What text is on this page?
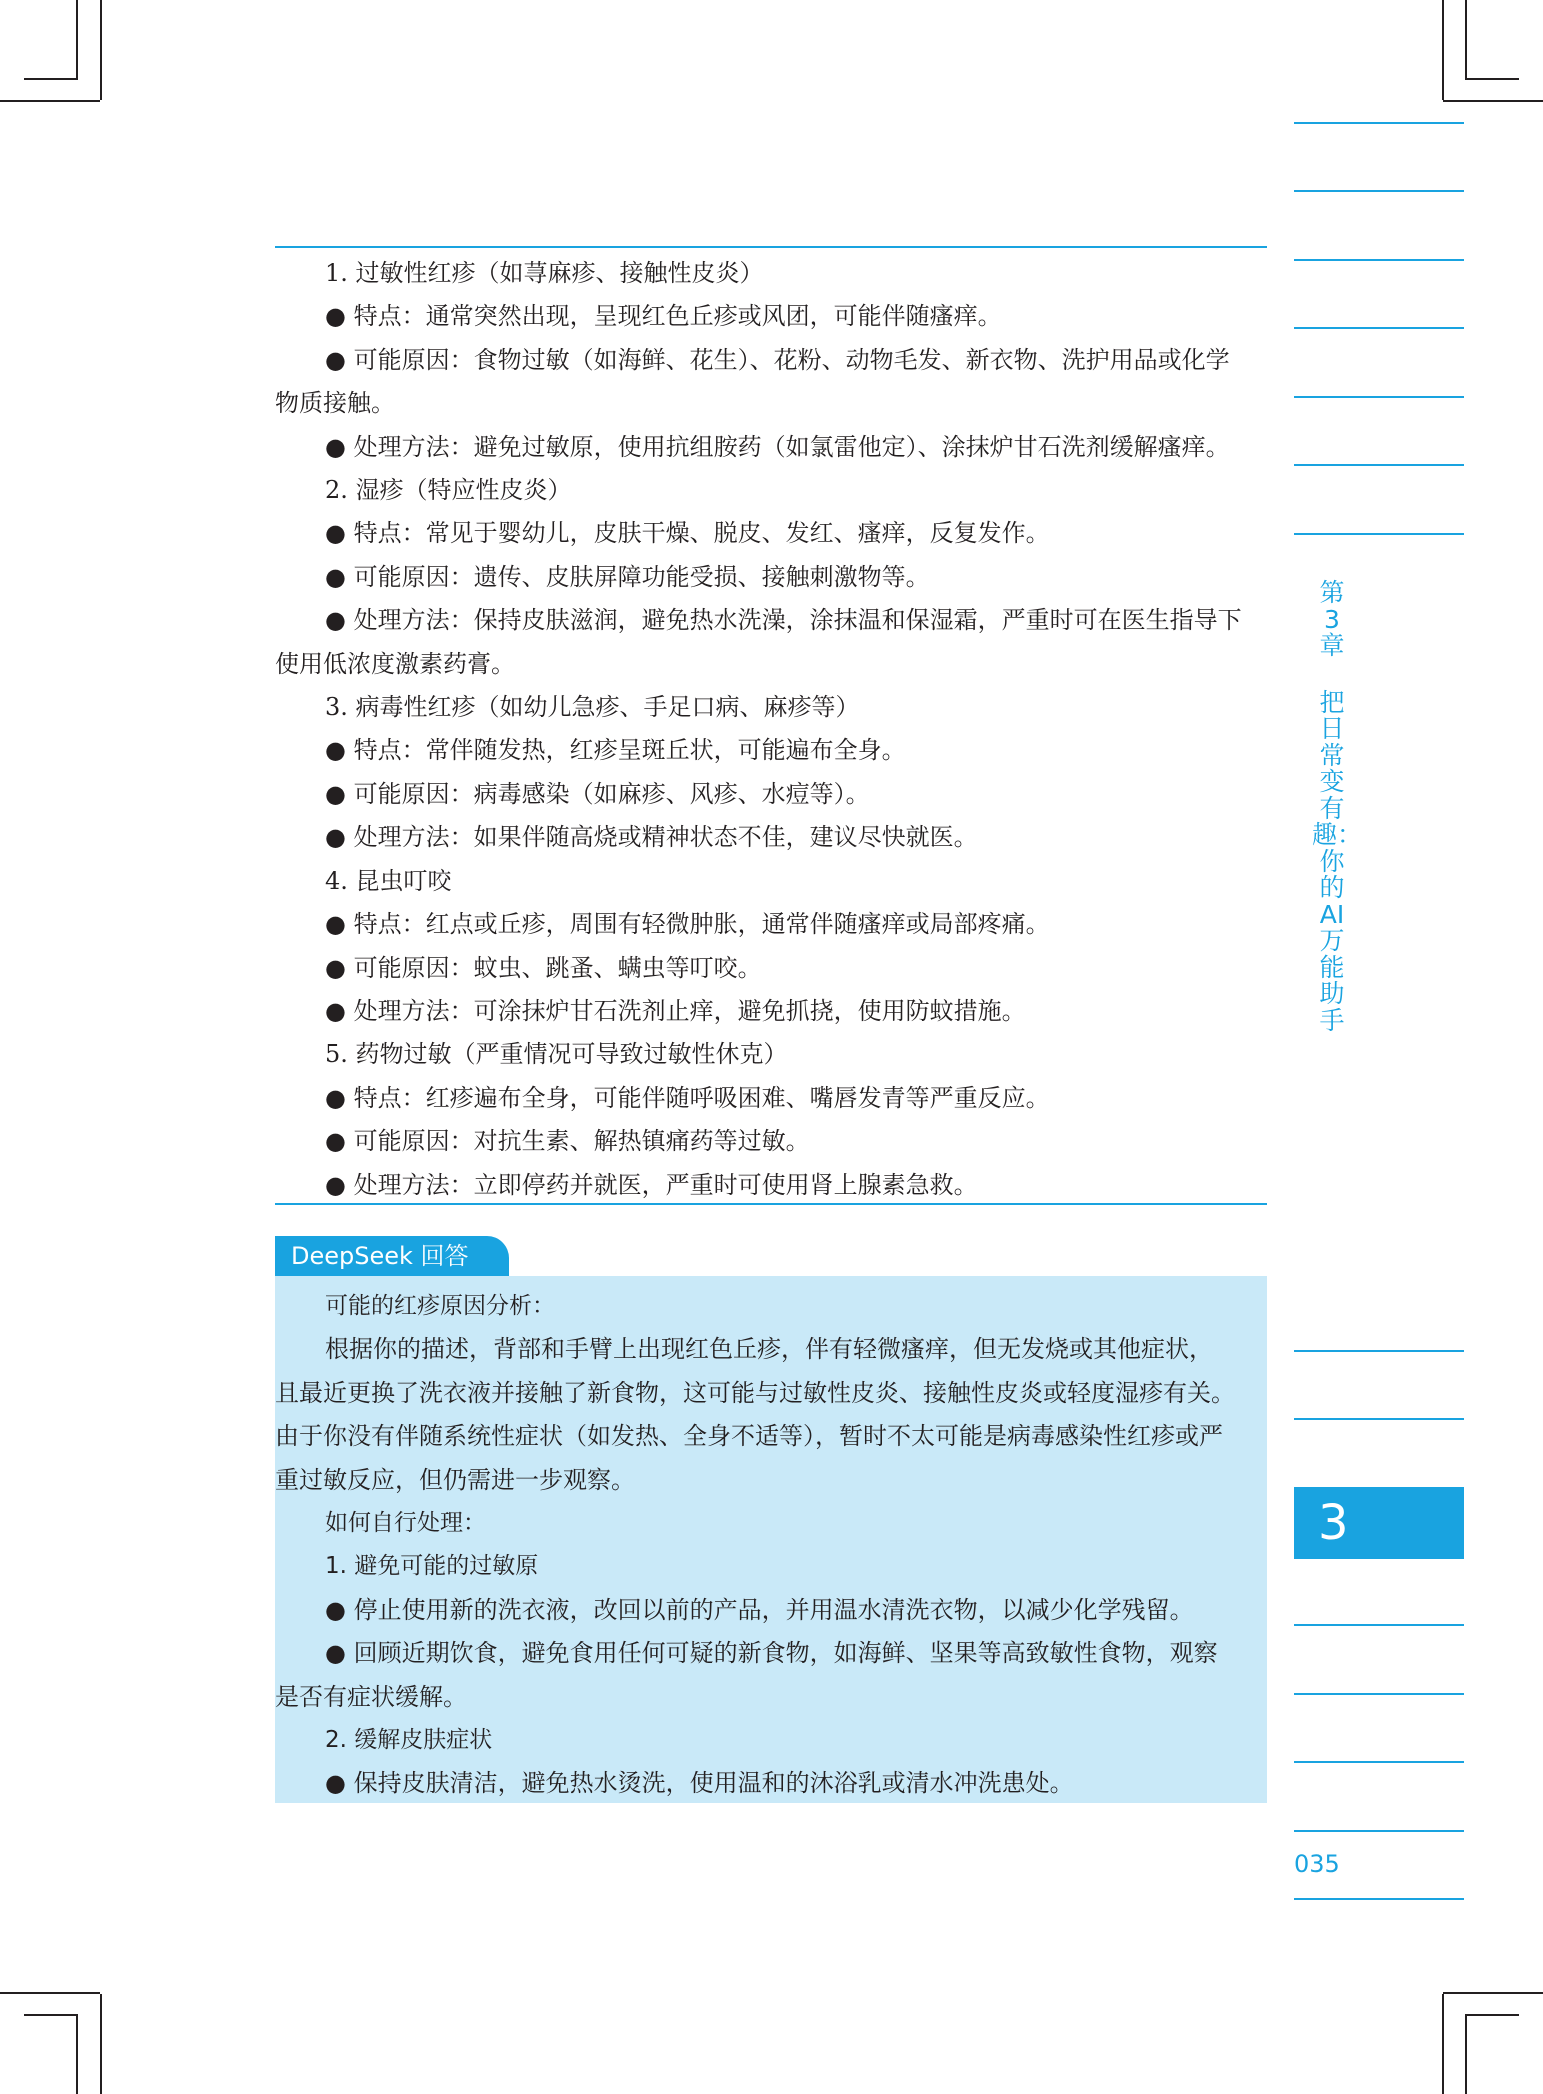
第3章
把日常变有趣：你的AI万能助手
3
035

1. 过敏性红疹（如荨麻疹、接触性皮炎）

● 特点：通常突然出现，呈现红色丘疹或风团，可能伴随瘙痒。

● 可能原因：食物过敏（如海鲜、花生）、花粉、动物毛发、新衣物、洗护用品或化学

物质接触。

● 处理方法：避免过敏原，使用抗组胺药（如氯雷他定）、涂抹炉甘石洗剂缓解瘙痒。

2. 湿疹（特应性皮炎）

● 特点：常见于婴幼儿，皮肤干燥、脱皮、发红、瘙痒，反复发作。

● 可能原因：遗传、皮肤屏障功能受损、接触刺激物等。

● 处理方法：保持皮肤滋润，避免热水洗澡，涂抹温和保湿霜，严重时可在医生指导下

使用低浓度激素药膏。

3. 病毒性红疹（如幼儿急疹、手足口病、麻疹等）

● 特点：常伴随发热，红疹呈斑丘状，可能遍布全身。

● 可能原因：病毒感染（如麻疹、风疹、水痘等）。

● 处理方法：如果伴随高烧或精神状态不佳，建议尽快就医。

4. 昆虫叮咬

● 特点：红点或丘疹，周围有轻微肿胀，通常伴随瘙痒或局部疼痛。

● 可能原因：蚊虫、跳蚤、螨虫等叮咬。

● 处理方法：可涂抹炉甘石洗剂止痒，避免抓挠，使用防蚊措施。

5. 药物过敏（严重情况可导致过敏性休克）

● 特点：红疹遍布全身，可能伴随呼吸困难、嘴唇发青等严重反应。

● 可能原因：对抗生素、解热镇痛药等过敏。

● 处理方法：立即停药并就医，严重时可使用肾上腺素急救。

DeepSeek 回答

可能的红疹原因分析：

根据你的描述，背部和手臂上出现红色丘疹，伴有轻微瘙痒，但无发烧或其他症状，

且最近更换了洗衣液并接触了新食物，这可能与过敏性皮炎、接触性皮炎或轻度湿疹有关。

由于你没有伴随系统性症状（如发热、全身不适等），暂时不太可能是病毒感染性红疹或严

重过敏反应，但仍需进一步观察。

如何自行处理：

1. 避免可能的过敏原

● 停止使用新的洗衣液，改回以前的产品，并用温水清洗衣物，以减少化学残留。

● 回顾近期饮食，避免食用任何可疑的新食物，如海鲜、坚果等高致敏性食物，观察

是否有症状缓解。

2. 缓解皮肤症状

● 保持皮肤清洁，避免热水烫洗，使用温和的沐浴乳或清水冲洗患处。
